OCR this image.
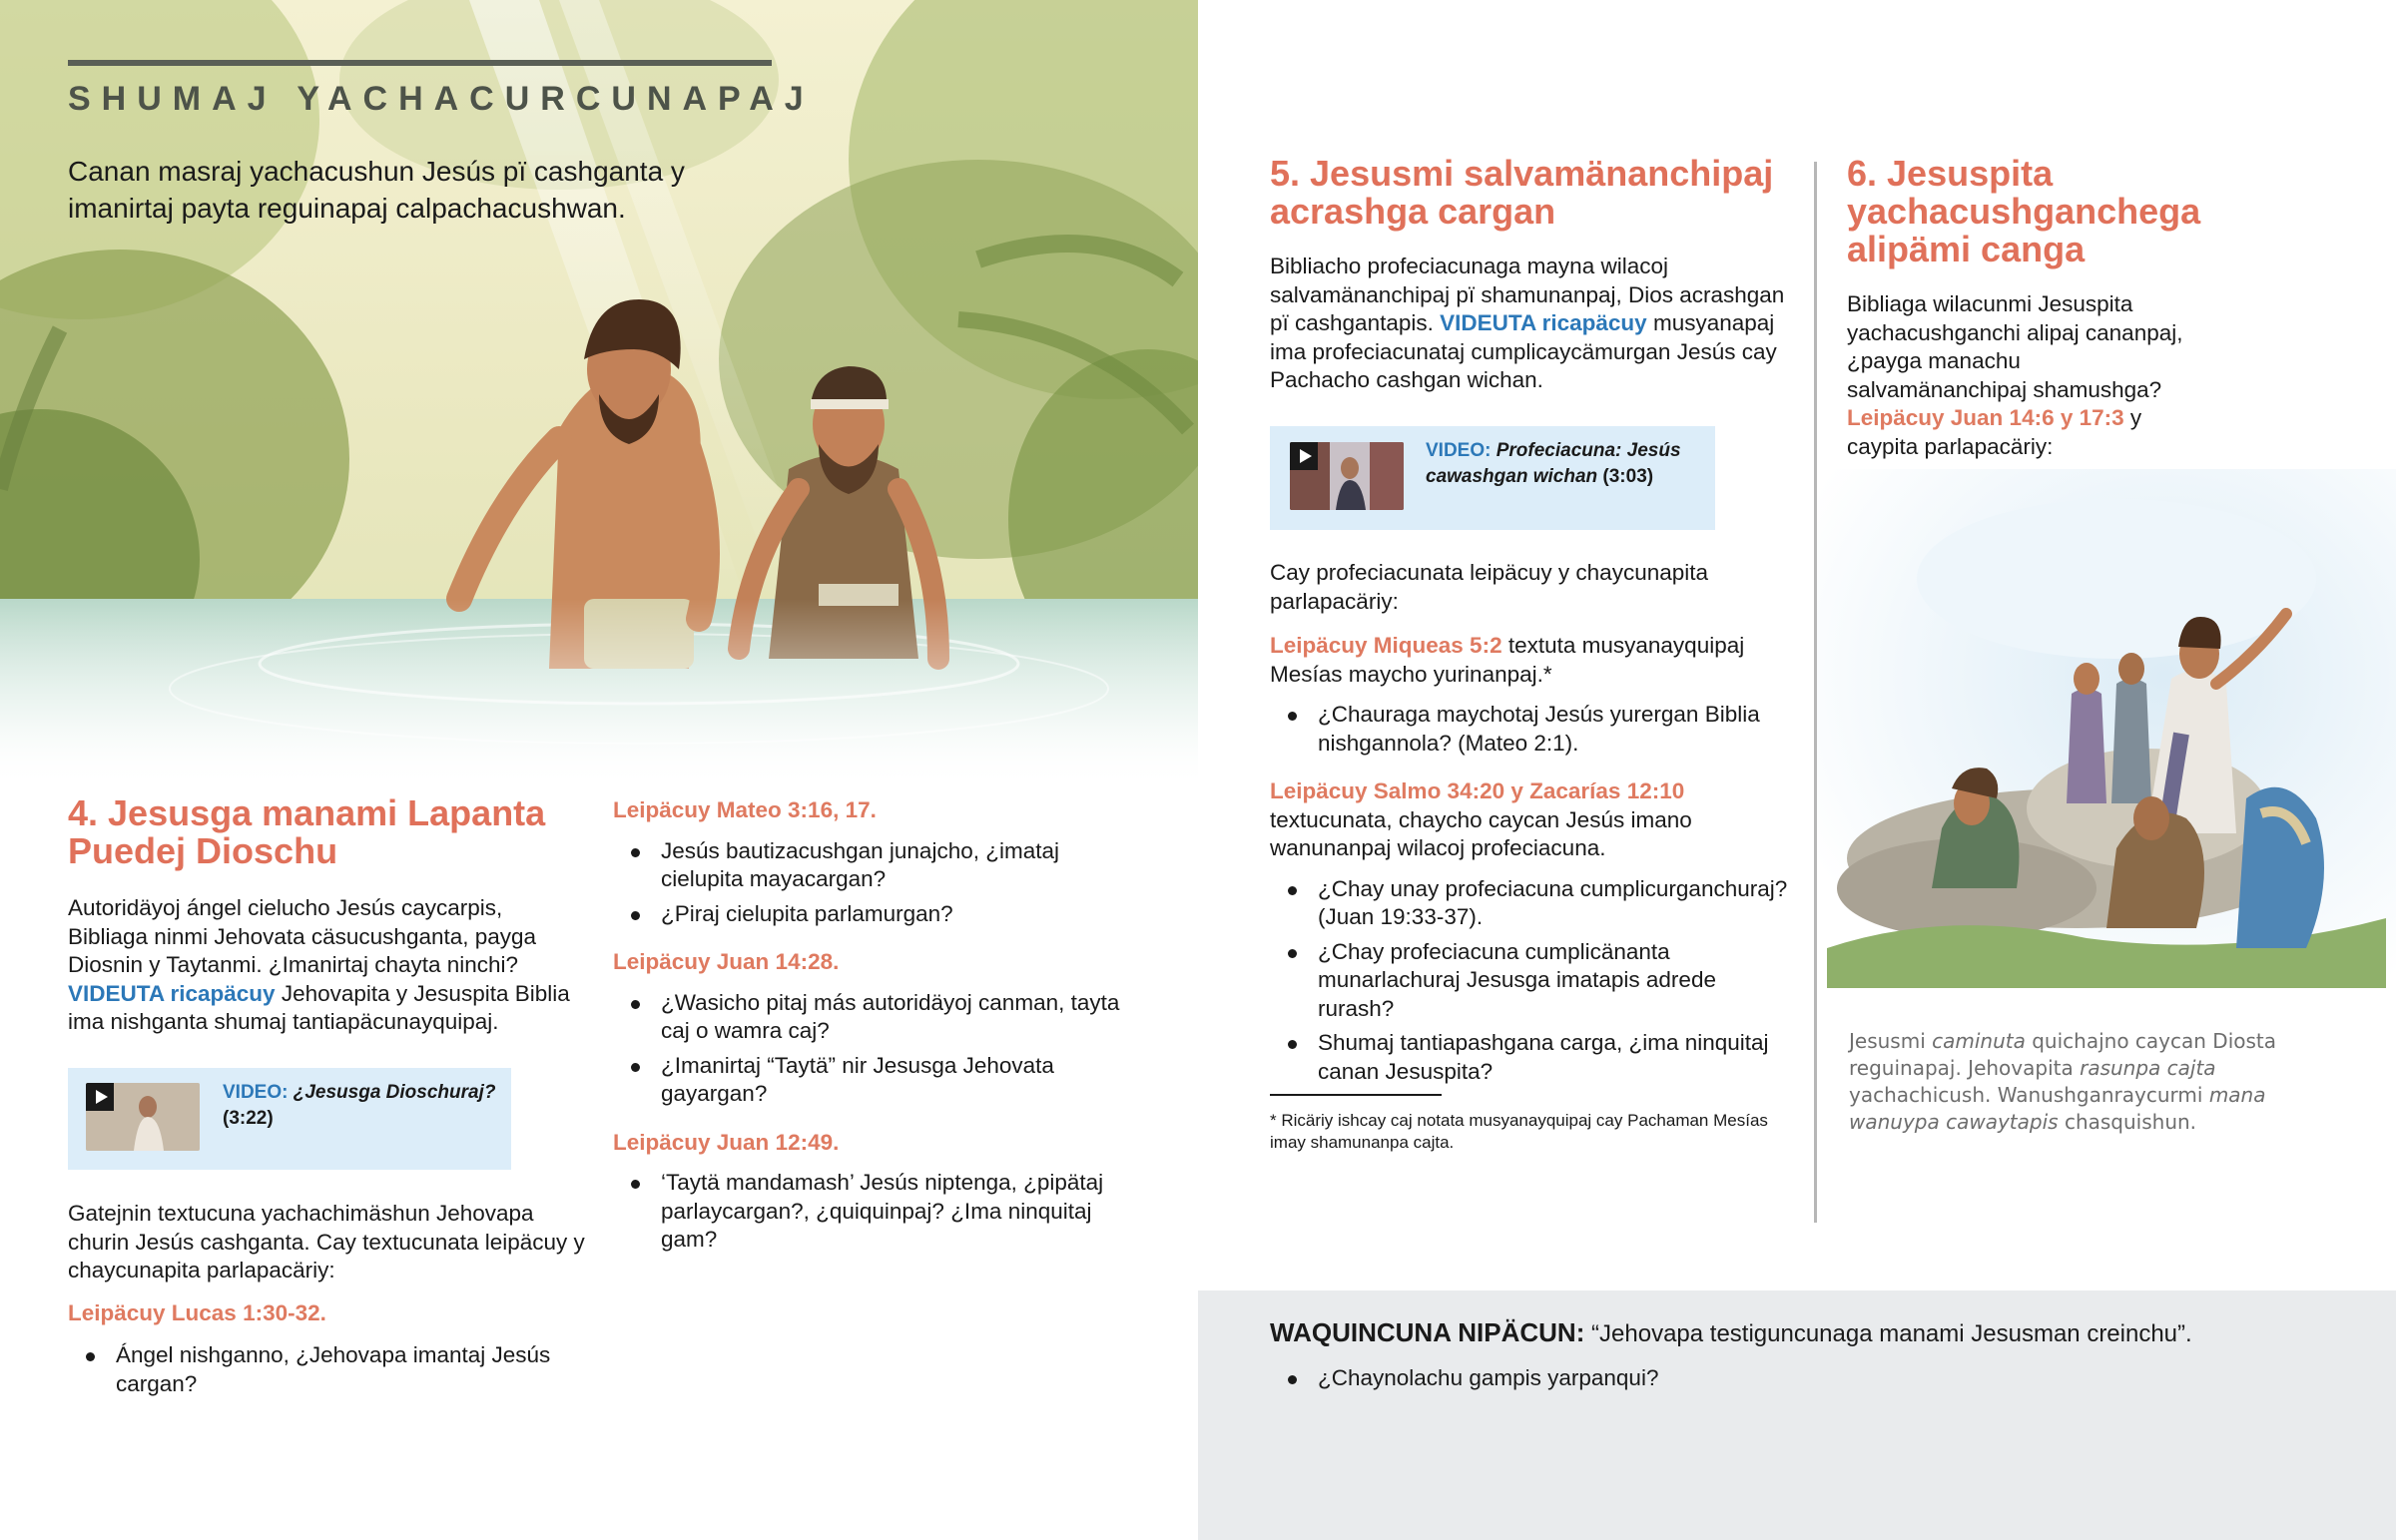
SHUMAJ YACHACURCUNAPAJ
Canan masraj yachacushun Jesús pï cashganta y imanirtaj payta reguinapaj calpachacushwan.
4. Jesusga manami Lapanta Puedej Dioschu

Autoridäyoj ángel cielucho Jesús caycarpis, Bibliaga ninmi Jehovata cäsucushganta, payga Diosnin y Taytanmi. ¿Imanirtaj chayta ninchi? VIDEUTA ricapäcuy Jehovapita y Jesuspita Biblia ima nishganta shumaj tantiapäcunayquipaj.

VIDEO: ¿Jesusga Dioschuraj?
(3:22)

Gatejnin textucuna yachachimäshun Jehovapa churin Jesús cashganta. Cay textucunata leipäcuy y chaycunapita parlapacäriy:

Leipäcuy Lucas 1:30-32.

Ángel nishganno, ¿Jehovapa imantaj Jesús cargan?

Leipäcuy Mateo 3:16, 17.

Jesús bautizacushgan junajcho, ¿imataj cielupita mayacargan?
¿Piraj cielupita parlamurgan?

Leipäcuy Juan 14:28.

¿Wasicho pitaj más autoridäyoj canman, tayta caj o wamra caj?
¿Imanirtaj “Taytä” nir Jesusga Jehovata gayargan?

Leipäcuy Juan 12:49.

‘Taytä mandamash’ Jesús niptenga, ¿pipätaj parlaycargan?, ¿quiquinpaj? ¿Ima ninquitaj gam?
5. Jesusmi salvamänanchipaj acrashga cargan

Bibliacho profeciacunaga mayna wilacoj salvamänanchipaj pï shamunanpaj, Dios acrashgan pï cashgantapis. VIDEUTA ricapäcuy musyanapaj ima profeciacunataj cumplicaycämurgan Jesús cay Pachacho cashgan wichan.

VIDEO: Profeciacuna: Jesús cawashgan wichan (3:03)

Cay profeciacunata leipäcuy y chaycunapita parlapacäriy:

Leipäcuy Miqueas 5:2 textuta musyanayquipaj Mesías maycho yurinanpaj.*

¿Chauraga maychotaj Jesús yurergan Biblia nishgannola? (Mateo 2:1).

Leipäcuy Salmo 34:20 y Zacarías 12:10 textucunata, chaycho caycan Jesús imano wanunanpaj wilacoj profeciacuna.

¿Chay unay profeciacuna cumplicurganchuraj? (Juan 19:33-37).
¿Chay profeciacuna cumplicänanta munarlachuraj Jesusga imatapis adrede rurash?
Shumaj tantiapashgana carga, ¿ima ninquitaj canan Jesuspita?

* Ricäriy ishcay caj notata musyanayquipaj cay Pachaman Mesías imay shamunanpa cajta.

6. Jesuspita yachacushganchega alipämi canga

Bibliaga wilacunmi Jesuspita yachacushganchi alipaj cananpaj, ¿payga manachu salvamänanchipaj shamushga? Leipäcuy Juan 14:6 y 17:3 y caypita parlapacäriy:

Jesusmi caminuta quichajno caycan Diosta reguinapaj. Jehovapita rasunpa cajta yachachicush. Wanushganraycurmi mana wanuypa cawaytapis chasquishun.
WAQUINCUNA NIPÄCUN: “Jehovapa testiguncunaga manami Jesusman creinchu”.
¿Chaynolachu gampis yarpanqui?
